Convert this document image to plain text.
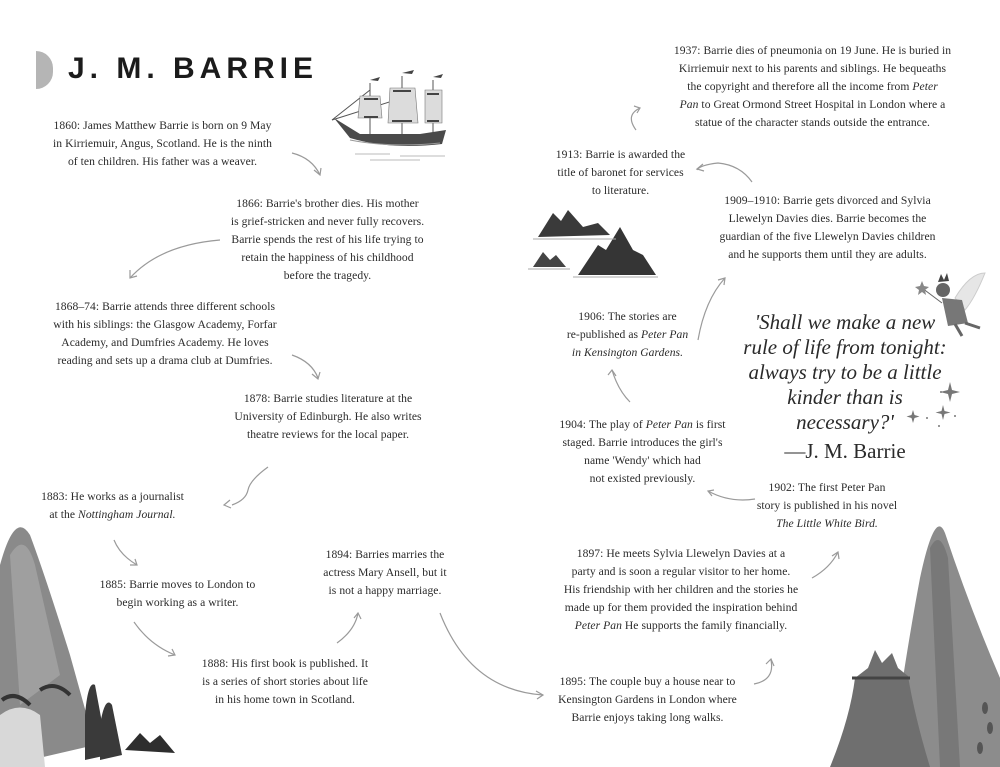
J. M. BARRIE
1860: James Matthew Barrie is born on 9 May
in Kirriemuir, Angus, Scotland. He is the ninth
of ten children. His father was a weaver.
1866: Barrie's brother dies. His mother
is grief-stricken and never fully recovers.
Barrie spends the rest of his life trying to
retain the happiness of his childhood
before the tragedy.
1868–74: Barrie attends three different schools
with his siblings: the Glasgow Academy, Forfar
Academy, and Dumfries Academy. He loves
reading and sets up a drama club at Dumfries.
1878: Barrie studies literature at the
University of Edinburgh. He also writes
theatre reviews for the local paper.
1883: He works as a journalist
at the Nottingham Journal.
1885: Barrie moves to London to
begin working as a writer.
1888: His first book is published. It
is a series of short stories about life
in his home town in Scotland.
1894: Barries marries the
actress Mary Ansell, but it
is not a happy marriage.
1895: The couple buy a house near to
Kensington Gardens in London where
Barrie enjoys taking long walks.
1897: He meets Sylvia Llewelyn Davies at a
party and is soon a regular visitor to her home.
His friendship with her children and the stories he
made up for them provided the inspiration behind
Peter Pan He supports the family financially.
1902: The first Peter Pan
story is published in his novel
The Little White Bird.
1904: The play of Peter Pan is first
staged. Barrie introduces the girl's
name 'Wendy' which had
not existed previously.
1906: The stories are
re-published as Peter Pan
in Kensington Gardens.
1909–1910: Barrie gets divorced and Sylvia
Llewelyn Davies dies. Barrie becomes the
guardian of the five Llewelyn Davies children
and he supports them until they are adults.
1913: Barrie is awarded the
title of baronet for services
to literature.
1937: Barrie dies of pneumonia on 19 June. He is buried in
Kirriemuir next to his parents and siblings. He bequeaths
the copyright and therefore all the income from Peter
Pan to Great Ormond Street Hospital in London where a
statue of the character stands outside the entrance.
'Shall we make a new
rule of life from tonight:
always try to be a little
kinder than is
necessary?'
—J. M. Barrie
